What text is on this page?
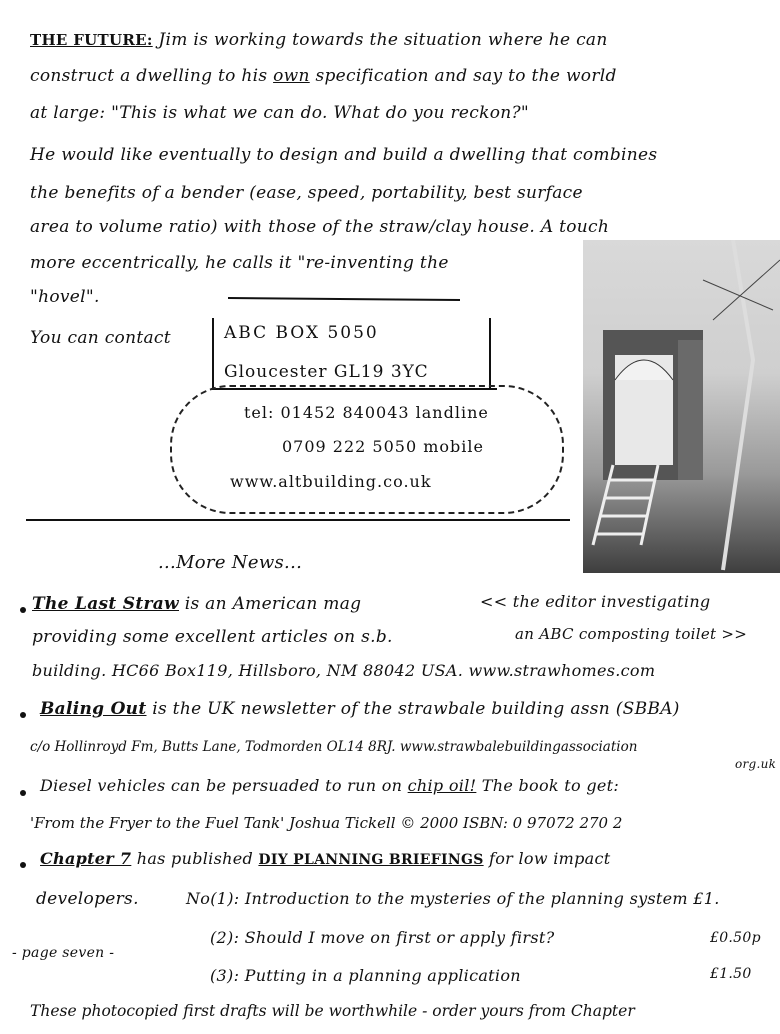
THE FUTURE: Jim is working towards the situation where he can
construct a dwelling to his own specification and say to the world
at large: "This is what we can do. What do you reckon?"
He would like eventually to design and build a dwelling that combines
the benefits of a bender (ease, speed, portability, best surface
area to volume ratio) with those of the straw/clay house. A touch
more eccentrically, he calls it "re-inventing the
"hovel".
You can contact	ABC BOX 5050
Gloucester GL19 3YC
tel: 01452 840043 landline
0709 222 5050 mobile
www.altbuilding.co.uk
<< the editor investigating
an ABC composting toilet >>
...More News...
The Last Straw is an American mag
providing some excellent articles on s.b.
building. HC66 Box119, Hillsboro, NM 88042 USA. www.strawhomes.com
Baling Out is the UK newsletter of the strawbale building assn (SBBA)
c/o Hollinroyd Fm, Butts Lane, Todmorden OL14 8RJ. www.strawbalebuildingassociation
org.uk
Diesel vehicles can be persuaded to run on chip oil! The book to get:
'From the Fryer to the Fuel Tank' Joshua Tickell © 2000 ISBN: 0 97072 270 2
Chapter 7 has published DIY PLANNING BRIEFINGS for low impact
developers.	No(1): Introduction to the mysteries of the planning system £1.
(2): Should I move on first or apply first?	£0.50p
- page seven -
(3): Putting in a planning application	£1.50
These photocopied first drafts will be worthwhile - order yours from Chapter
